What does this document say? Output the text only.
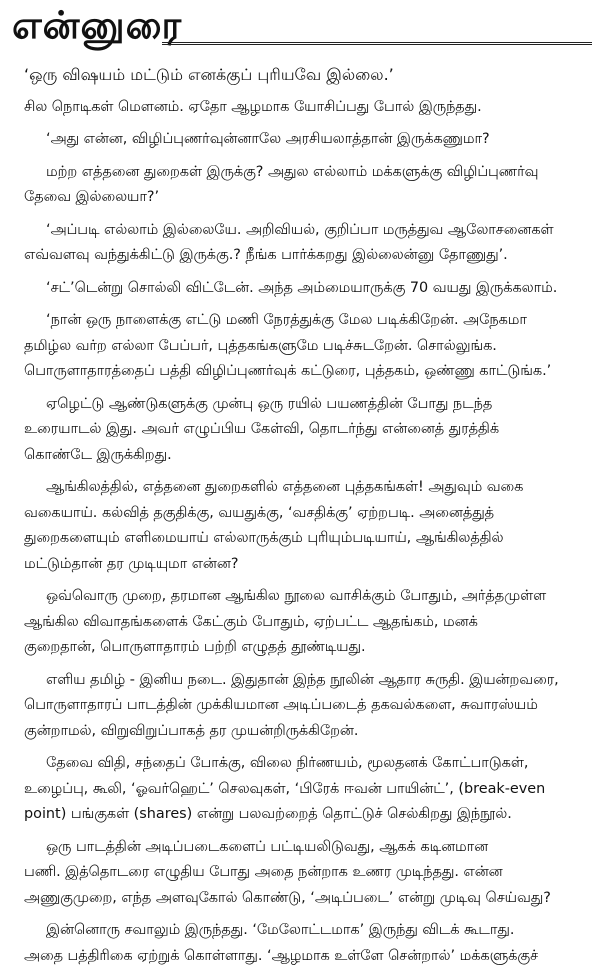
என்னுரை

‘ஒரு விஷயம் மட்டும் எனக்குப் புரியவே இல்லை.’

சில நொடிகள் மௌனம். ஏதோ ஆழமாக யோசிப்பது போல் இருந்தது.

‘அது என்ன, விழிப்புணர்வுன்னாலே அரசியலாத்தான் இருக்கணுமா?

மற்ற எத்தனை துறைகள் இருக்கு? அதுல எல்லாம் மக்களுக்கு விழிப்புணர்வு
தேவை இல்லையா?’

‘அப்படி எல்லாம் இல்லையே. அறிவியல், குறிப்பா மருத்துவ ஆலோசனைகள்
எவ்வளவு வந்துக்கிட்டு இருக்கு.? நீங்க பார்க்கறது இல்லைன்னு தோணுது’.

‘சட்’டென்று சொல்லி விட்டேன். அந்த அம்மையாருக்கு 70 வயது இருக்கலாம்.

‘நான் ஒரு நாளைக்கு எட்டு மணி நேரத்துக்கு மேல படிக்கிறேன். அநேகமா
தமிழ்ல வர்ற எல்லா பேப்பர், புத்தகங்களுமே படிச்சுடறேன். சொல்லுங்க.
பொருளாதாரத்தைப் பத்தி விழிப்புணர்வுக் கட்டுரை, புத்தகம், ஒண்ணு காட்டுங்க.’

ஏழெட்டு ஆண்டுகளுக்கு முன்பு ஒரு ரயில் பயணத்தின் போது நடந்த
உரையாடல் இது. அவர் எழுப்பிய கேள்வி, தொடர்ந்து என்னைத் துரத்திக்
கொண்டே இருக்கிறது.

ஆங்கிலத்தில், எத்தனை துறைகளில் எத்தனை புத்தகங்கள்! அதுவும் வகை
வகையாய். கல்வித் தகுதிக்கு, வயதுக்கு, ‘வசதிக்கு’ ஏற்றபடி. அனைத்துத்
துறைகளையும் எளிமையாய் எல்லாருக்கும் புரியும்படியாய், ஆங்கிலத்தில்
மட்டும்தான் தர முடியுமா என்ன?

ஒவ்வொரு முறை, தரமான ஆங்கில நூலை வாசிக்கும் போதும், அர்த்தமுள்ள
ஆங்கில விவாதங்களைக் கேட்கும் போதும், ஏற்பட்ட ஆதங்கம், மனக்
குறைதான், பொருளாதாரம் பற்றி எழுதத் தூண்டியது.

எளிய தமிழ் - இனிய நடை. இதுதான் இந்த நூலின் ஆதார சுருதி. இயன்றவரை,
பொருளாதாரப் பாடத்தின் முக்கியமான அடிப்படைத் தகவல்களை, சுவாரஸ்யம்
குன்றாமல், விறுவிறுப்பாகத் தர முயன்றிருக்கிறேன்.

தேவை விதி, சந்தைப் போக்கு, விலை நிர்ணயம், மூலதனக் கோட்பாடுகள்,
உழைப்பு, கூலி, ‘ஓவர்ஹெட்’ செலவுகள், ‘பிரேக் ஈவன் பாயின்ட்’, (break-even
point) பங்குகள் (shares) என்று பலவற்றைத் தொட்டுச் செல்கிறது இந்நூல்.

ஒரு பாடத்தின் அடிப்படைகளைப் பட்டியலிடுவது, ஆகக் கடினமான
பணி. இத்தொடரை எழுதிய போது அதை நன்றாக உணர முடிந்தது. என்ன
அணுகுமுறை, எந்த அளவுகோல் கொண்டு, ‘அடிப்படை’ என்று முடிவு செய்வது?

இன்னொரு சவாலும் இருந்தது. ‘மேலோட்டமாக’ இருந்து விடக் கூடாது.
அதை பத்திரிகை ஏற்றுக் கொள்ளாது. ‘ஆழமாக உள்ளே சென்றால்’ மக்களுக்குச்
